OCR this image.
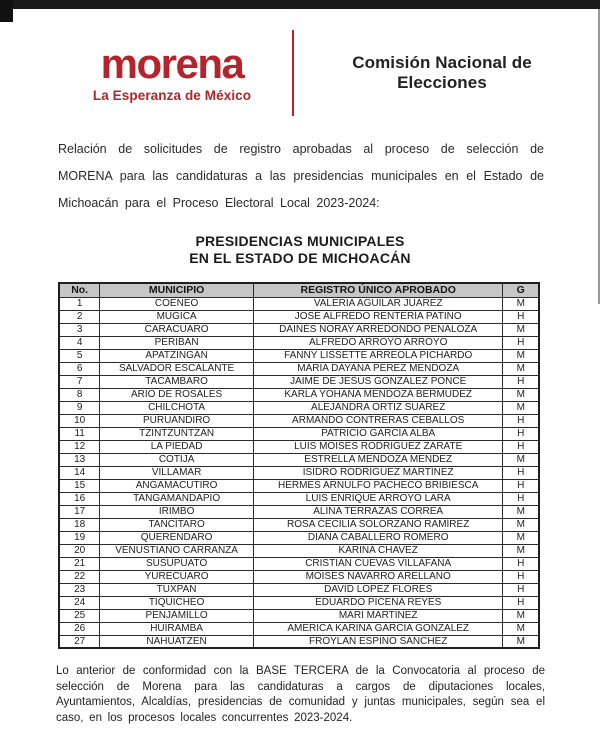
morena
La Esperanza de México
Comisión Nacional de Elecciones

Relación de solicitudes de registro aprobadas al proceso de selección de MORENA para las candidaturas a las presidencias municipales en el Estado de Michoacán para el Proceso Electoral Local 2023-2024:

PRESIDENCIAS MUNICIPALES
EN EL ESTADO DE MICHOACÁN
No.	MUNICIPIO	REGISTRO ÚNICO APROBADO	G
1	COENEO	VALERIA AGUILAR JUÁREZ	M
2	MÚGICA	JOSÉ ALFREDO RENTERÍA PATIÑO	H
3	CARÁCUARO	DAINÉS NORAY ARREDONDO PEÑALOZA	M
4	PERIBÁN	ALFREDO ARROYO ARROYO	H
5	APATZINGÁN	FANNY LISSETTE ARREOLA PICHARDO	M
6	SALVADOR ESCALANTE	MARÍA DAYANA PÉREZ MENDOZA	M
7	TACÁMBARO	JAIME DE JESÚS GONZÁLEZ PONCE	H
8	ARIO DE ROSALES	KARLA YOHANA MENDOZA BERMUDEZ	M
9	CHILCHOTA	ALEJANDRA ORTIZ SUAREZ	M
10	PURUÁNDIRO	ARMANDO CONTRERAS CEBALLOS	H
11	TZINTZUNTZAN	PATRICIO GARCÍA ALBA	H
12	LA PIEDAD	LUIS MOISES RODRIGUEZ ZARATE	H
13	COTIJA	ESTRELLA MENDOZA MENDEZ	M
14	VILLAMAR	ISIDRO RODRÍGUEZ MARTÍNEZ	H
15	ANGAMACUTIRO	HERMES ARNULFO PACHECO BRIBIESCA	H
16	TANGAMANDAPIO	LUIS ENRIQUE ARROYO LARA	H
17	IRIMBO	ALINA TERRAZAS CORREA	M
18	TANCÍTARO	ROSA CECILIA SOLORZANO RAMÍREZ	M
19	QUERÉNDARO	DIANA CABALLERO ROMERO	M
20	VENUSTIANO CARRANZA	KARINA CHAVEZ	M
21	SUSUPUATO	CRISTIAN CUEVAS VILLAFAÑA	H
22	YURECUARO	MOISES NAVARRO ARELLANO	H
23	TUXPAN	DAVID LOPEZ FLORES	H
24	TIQUICHEO	EDUARDO PICENA REYES	H
25	PENJAMILLO	MARI MARTINEZ	M
26	HUIRAMBA	AMERICA KARINA GARCIA GONZALEZ	M
27	NAHUATZEN	FROYLAN ESPINO SANCHEZ	M

Lo anterior de conformidad con la BASE TERCERA de la Convocatoria al proceso de selección de Morena para las candidaturas a cargos de diputaciones locales, Ayuntamientos, Alcaldías, presidencias de comunidad y juntas municipales, según sea el caso, en los procesos locales concurrentes 2023-2024.
